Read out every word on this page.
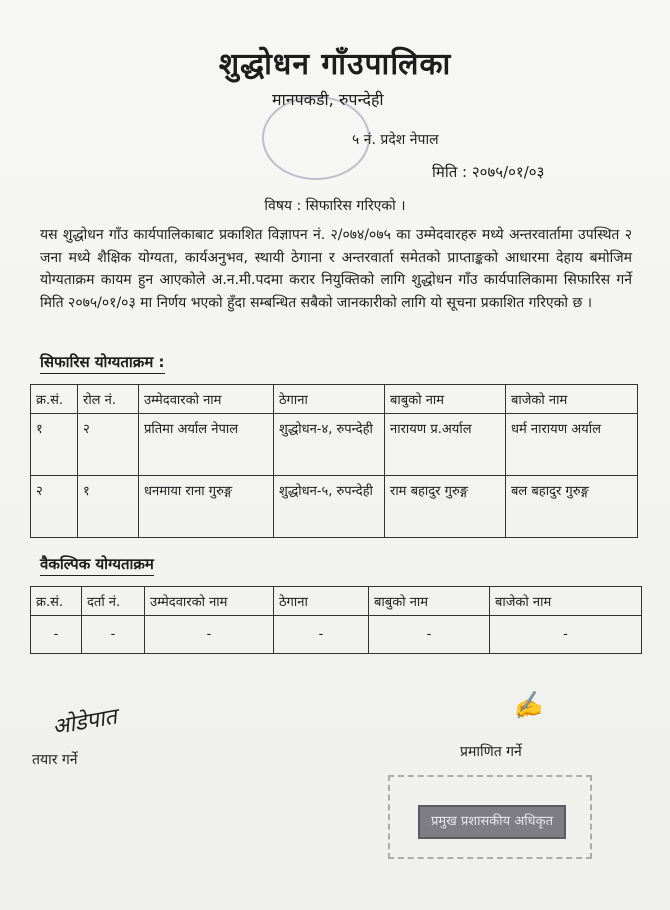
शुद्धोधन गाँउपालिका
मानपकडी, रुपन्देही
५ नं. प्रदेश नेपाल
मिति : २०७५/०१/०३
विषय : सिफारिस गरिएको ।
यस शुद्धोधन गाँउ कार्यपालिकाबाट प्रकाशित विज्ञापन नं. २/०७४/०७५ का उम्मेदवारहरु मध्ये अन्तरवार्तामा उपस्थित २ जना मध्ये शैक्षिक योग्यता, कार्यअनुभव, स्थायी ठेगाना र अन्तरवार्ता समेतको प्राप्ताङ्कको आधारमा देहाय बमोजिम योग्यताक्रम कायम हुन आएकोले अ.न.मी.पदमा करार नियुक्तिको लागि शुद्धोधन गाँउ कार्यपालिकामा सिफारिस गर्ने मिति २०७५/०१/०३ मा निर्णय भएको हुँदा सम्बन्धित सबैको जानकारीको लागि यो सूचना प्रकाशित गरिएको छ ।
सिफारिस योग्यताक्रम :
क्र.सं.	रोल नं.	उम्मेदवारको नाम	ठेगाना	बाबुको नाम	बाजेको नाम
१	२	प्रतिमा अर्याल नेपाल	शुद्धोधन-४, रुपन्देही	नारायण प्र.अर्याल	धर्म नारायण अर्याल
२	१	धनमाया राना गुरुङ्ग	शुद्धोधन-५, रुपन्देही	राम बहादुर गुरुङ्ग	बल बहादुर गुरुङ्ग
वैकल्पिक योग्यताक्रम
क्र.सं.	दर्ता नं.	उम्मेदवारको नाम	ठेगाना	बाबुको नाम	बाजेको नाम
-	-	-	-	-	-
ओडेपात
तयार गर्ने
✍
प्रमाणित गर्ने
प्रमुख प्रशासकीय अधिकृत
